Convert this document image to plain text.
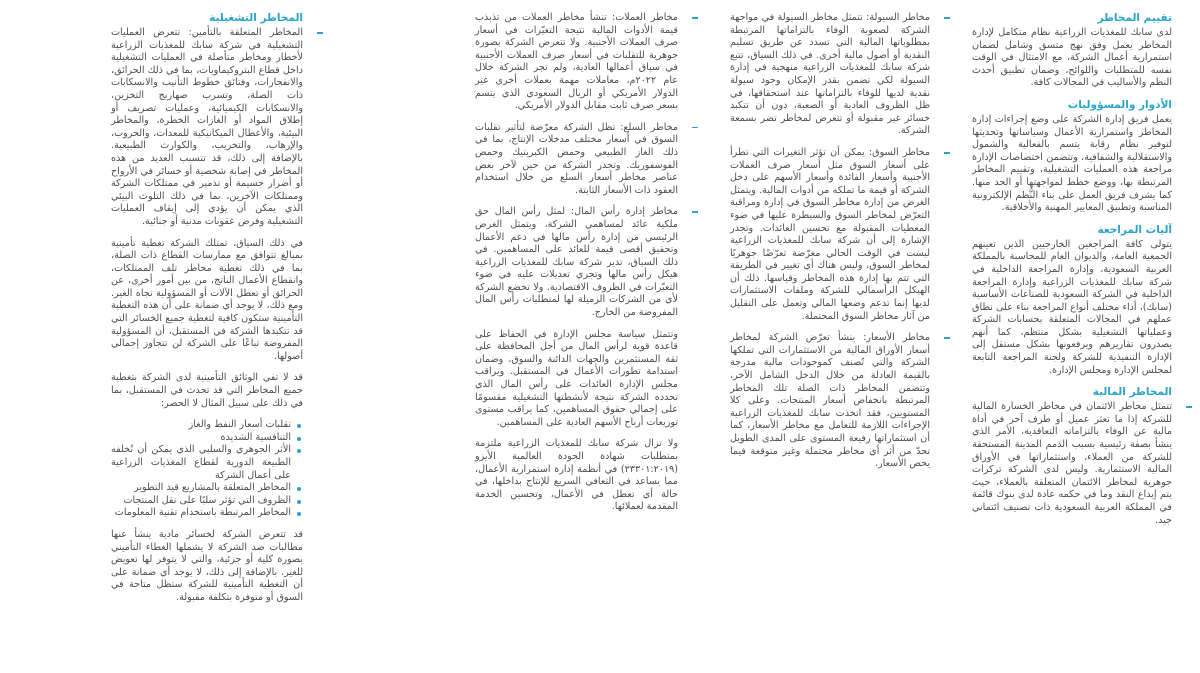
تقييم المخاطر

لدى سابك للمغذيات الزراعية نظام متكامل لإدارة المخاطر يعمل وفق نهج متسق وشامل لضمان استمرارية أعمال الشركة، مع الامتثال في الوقت نفسه للمتطلبات واللوائح، وضمان تطبيق أحدث النظم والأساليب في المجالات كافة.

الأدوار والمسؤوليات

يعمل فريق إدارة الشركة على وضع إجراءات إدارة المخاطر واستمرارية الأعمال وسياساتها وتحديثها لتوفير نظام رقابة يتسم بالفعالية والشمول والاستقلالية والشفافية، وتتضمن اختصاصات الإدارة مراجعة هذه العمليات التشغيلية، وتقييم المخاطر المرتبطة بها، ووضع خطط لمواجهتها أو الحد منها. كما يشرف فريق العمل على بناء النُّظم الإلكترونية المناسبة وتطبيق المعايير المهنية والأخلاقية.

آليات المراجعة

يتولى كافة المراجعين الخارجيين الذين تعينهم الجمعية العامة، والديوان العام للمحاسبة بالمملكة العربية السعودية، وإدارة المراجعة الداخلية في شركة سابك للمغذيات الزراعية وإدارة المراجعة الداخلية في الشركة السعودية للصناعات الأساسية (سابك)، أداء مختلف أنواع المراجعة بناء على نطاق عملهم في المجالات المتعلقة بحسابات الشركة وعملياتها التشغيلية بشكل منتظم، كما أنهم يصدرون تقاريرهم ويرفعونها بشكل مستقل إلى الإدارة التنفيذية للشركة ولجنة المراجعة التابعة لمجلس الإدارة ومجلس الإدارة.

المخاطر المالية

تتمثل مخاطر الائتمان في مخاطر الخسارة المالية للشركة إذا ما تعثر عميل أو طرف آخر في أداة مالية عن الوفاء بالتزاماته التعاقدية، الأمر الذي ينشأ بصفة رئيسية بسبب الذمم المدينة المستحقة للشركة من العملاء، واستثماراتها في الأوراق المالية الاستثمارية. وليس لدى الشركة تركزات جوهرية لمخاطر الائتمان المتعلقة بالعملاء، حيث يتم إيداع النقد وما في حكمه عادة لدى بنوك قائمة في المملكة العربية السعودية ذات تصنيف ائتماني جيد.

مخاطر السيولة: تتمثل مخاطر السيولة في مواجهة الشركة لصعوبة الوفاء بالتزاماتها المرتبطة بمطلوباتها المالية التي تسدد عن طريق تسليم النقدية أو أصول مالية أخرى. في ذلك السياق، تتبع شركة سابك للمغذيات الزراعية منهجية في إدارة السيولة لكي تضمن بقدر الإمكان وجود سيولة نقدية لديها للوفاء بالتزاماتها عند استحقاقها، في ظل الظروف العادية أو الصعبة، دون أن تتكبد خسائر غير مقبولة أو تتعرض لمخاطر تضر بسمعة الشركة.

مخاطر السوق: يمكن أن تؤثر التغيرات التي تطرأ على أسعار السوق مثل أسعار صرف العملات الأجنبية وأسعار الفائدة وأسعار الأسهم على دخل الشركة أو قيمة ما تملكه من أدوات المالية. ويتمثل الغرض من إدارة مخاطر السوق في إدارة ومراقبة التعرّض لمخاطر السوق والسيطرة عليها في ضوء المعطيات المقبولة مع تحسين العائدات. وتجدر الإشارة إلى أن شركة سابك للمغذيات الزراعية ليست في الوقت الحالي معرّضة تعرّضًا جوهريًا لمخاطر السوق، وليس هناك أي تغيير في الطريقة التي تتم بها إدارة هذه المخاطر وقياسها. ذلك أن الهيكل الرأسمالي للشركة وملفات الاستثمارات لديها إنما تدعم وضعها المالي وتعمل على التقليل من آثار مخاطر السوق المحتملة.

مخاطر الأسعار: ينشأ تعرّض الشركة لمخاطر أسعار الأوراق المالية من الاستثمارات التي تملكها الشركة والتي تُصنف كموجودات مالية مدرجة بالقيمة العادلة من خلال الدخل الشامل الآخر، وتتضمن المخاطر ذات الصلة تلك المخاطر المرتبطة بانخفاض أسعار المنتجات. وعلى كلا المستويين، فقد اتخذت سابك للمغذيات الزراعية الإجراءات اللازمة للتعامل مع مخاطر الأسعار، كما أن استثماراتها رفيعة المستوى على المدى الطويل تحدّ من أثر أي مخاطر محتملة وغير متوقعة فيما يخص الأسعار.

مخاطر العملات: تنشأ مخاطر العملات من تذبذب قيمة الأدوات المالية نتيجة التغيّرات في أسعار صرف العملات الأجنبية. ولا تتعرض الشركة بصورة جوهرية للتقلبات في أسعار صرف العملات الأجنبية في سياق أعمالها العادية، ولم تجر الشركة خلال عام ٢٠٢٢م، معاملات مهمة بعملات أخرى غير الدولار الأمريكي أو الريال السعودي الذي يتسم بسعر صرف ثابت مقابل الدولار الأمريكي.

مخاطر السلع: تظل الشركة معرّضة لتأثير تقلبات السوق في أسعار مختلف مدخلات الإنتاج، بما في ذلك الغاز الطبيعي وحمض الكبريتيك وحمض الفوسفوريك. وتجدر الشركة من حين لآخر بعض عناصر مخاطر أسعار السلع من خلال استخدام العقود ذات الأسعار الثابتة.

مخاطر إدارة رأس المال: لمثل رأس المال حق ملكية عائد لمساهمي الشركة، ويتمثل الغرض الرئيسي من إدارة رأس مالها في دعم الأعمال وتحقيق أقصى قيمة للعائد على المساهمين. في ذلك السياق، تدير شركة سابك للمغذيات الزراعية هيكل رأس مالها وتجري تعديلات عليه في ضوء التغيّرات في الظروف الاقتصادية. ولا تخضع الشركة لأي من الشركات الزميلة لها لمتطلبات رأس المال المفروضة من الخارج.

وتتمثل سياسة مجلس الإدارة في الحفاظ على قاعدة قوية لرأس المال من أجل المحافظة على ثقة المستثمرين والجهات الدائنة والسوق، وضمان استدامة تطورات الأعمال في المستقبل. ويراقب مجلس الإدارة العائدات على رأس المال الذي تحدده الشركة نتيجة لأنشطتها التشغيلية مقسومًا على إجمالي حقوق المساهمين، كما يراقب مستوى توزيعات أرباح الأسهم العادية على المساهمين.

ولا تزال شركة سابك للمغذيات الزراعية ملتزمة بمتطلبات شهادة الجودة العالمية الأيزو (٢٣٣٠١:٢٠١٩) في أنظمة إدارة استمرارية الأعمال، مما يساعد في التعافي السريع للإنتاج بداخلها، في حالة أي تعطل في الأعمال، وتحسين الخدمة المقدمة لعملائها.

المخاطر التشغيلية

المخاطر المتعلقة بالتأمين: تتعرض العمليات التشغيلية في شركة سابك للمغذيات الزراعية لأخطار ومخاطر متأصلة في العمليات التشغيلية داخل قطاع البتروكيماويات، بما في ذلك الحرائق، والانفجارات، وفتائق خطوط التأنيب والانسكابات ذات الصلة، وتسرب صهاريج التخزين، والانسكابات الكيميائية، وعمليات تصريف أو إطلاق المواد أو الغازات الخطرة، والمخاطر البيئية، والأعطال الميكانيكية للمعدات، والحروب، والإرهاب، والتخريب، والكوارث الطبيعية. بالإضافة إلى ذلك، قد تتسبب العديد من هذه المخاطر في إصابة شخصية أو خسائر في الأرواح أو أضرار جسيمة أو تدمير في ممتلكات الشركة وممتلكات الآخرين، بما في ذلك التلوث البيئي الذي يمكن أن يؤدي إلى إيقاف العمليات التشغيلية وفرض عقوبات مدنية أو جنائية.

في ذلك السياق، تمتلك الشركة تغطية تأمينية بمبالغ تتوافق مع ممارسات القطاع ذات الصلة، بما في ذلك تغطية مخاطر تلف الممتلكات، وانقطاع الأعمال الناتج، من بين أمور أخرى، عن الحرائق أو تعطل الآلات أو المسؤولية تجاه الغير. ومع ذلك، لا يوجد أي ضمانة على أن هذه التغطية التأمينية ستكون كافية لتغطية جميع الخسائر التي قد تتكبدها الشركة في المستقبل، أن المسؤولية المفروضة تباعًا على الشركة لن تتجاوز إجمالي أصولها.

قد لا تفي الوثائق التأمينية لدى الشركة بتغطية جميع المخاطر التي قد تحدث في المستقبل، بما في ذلك على سبيل المثال لا الحصر:

تقلبات أسعار النفط والغاز
التنافسية الشديدة
الأثر الجوهري والسلبي الذي يمكن أن تُخلفه الطبيعة الدورية لقطاع المغذيات الزراعية على أعمال الشركة
المخاطر المتعلقة بالمشاريع قيد التطوير
الظروف التي تؤثر سلبًا على نقل المنتجات
المخاطر المرتبطة باستخدام تقنية المعلومات

قد تتعرض الشركة لخسائر مادية ينشأ عنها مطالبات ضد الشركة لا يشملها الغطاء التأميني بصورة كلية أو جزئية، والتي لا يتوفر لها تعويض للغير. بالإضافة إلى ذلك، لا يوجد أي ضمانة على أن التغطية التأمينية للشركة ستظل متاحة في السوق أو متوفرة بتكلفة مقبولة.
